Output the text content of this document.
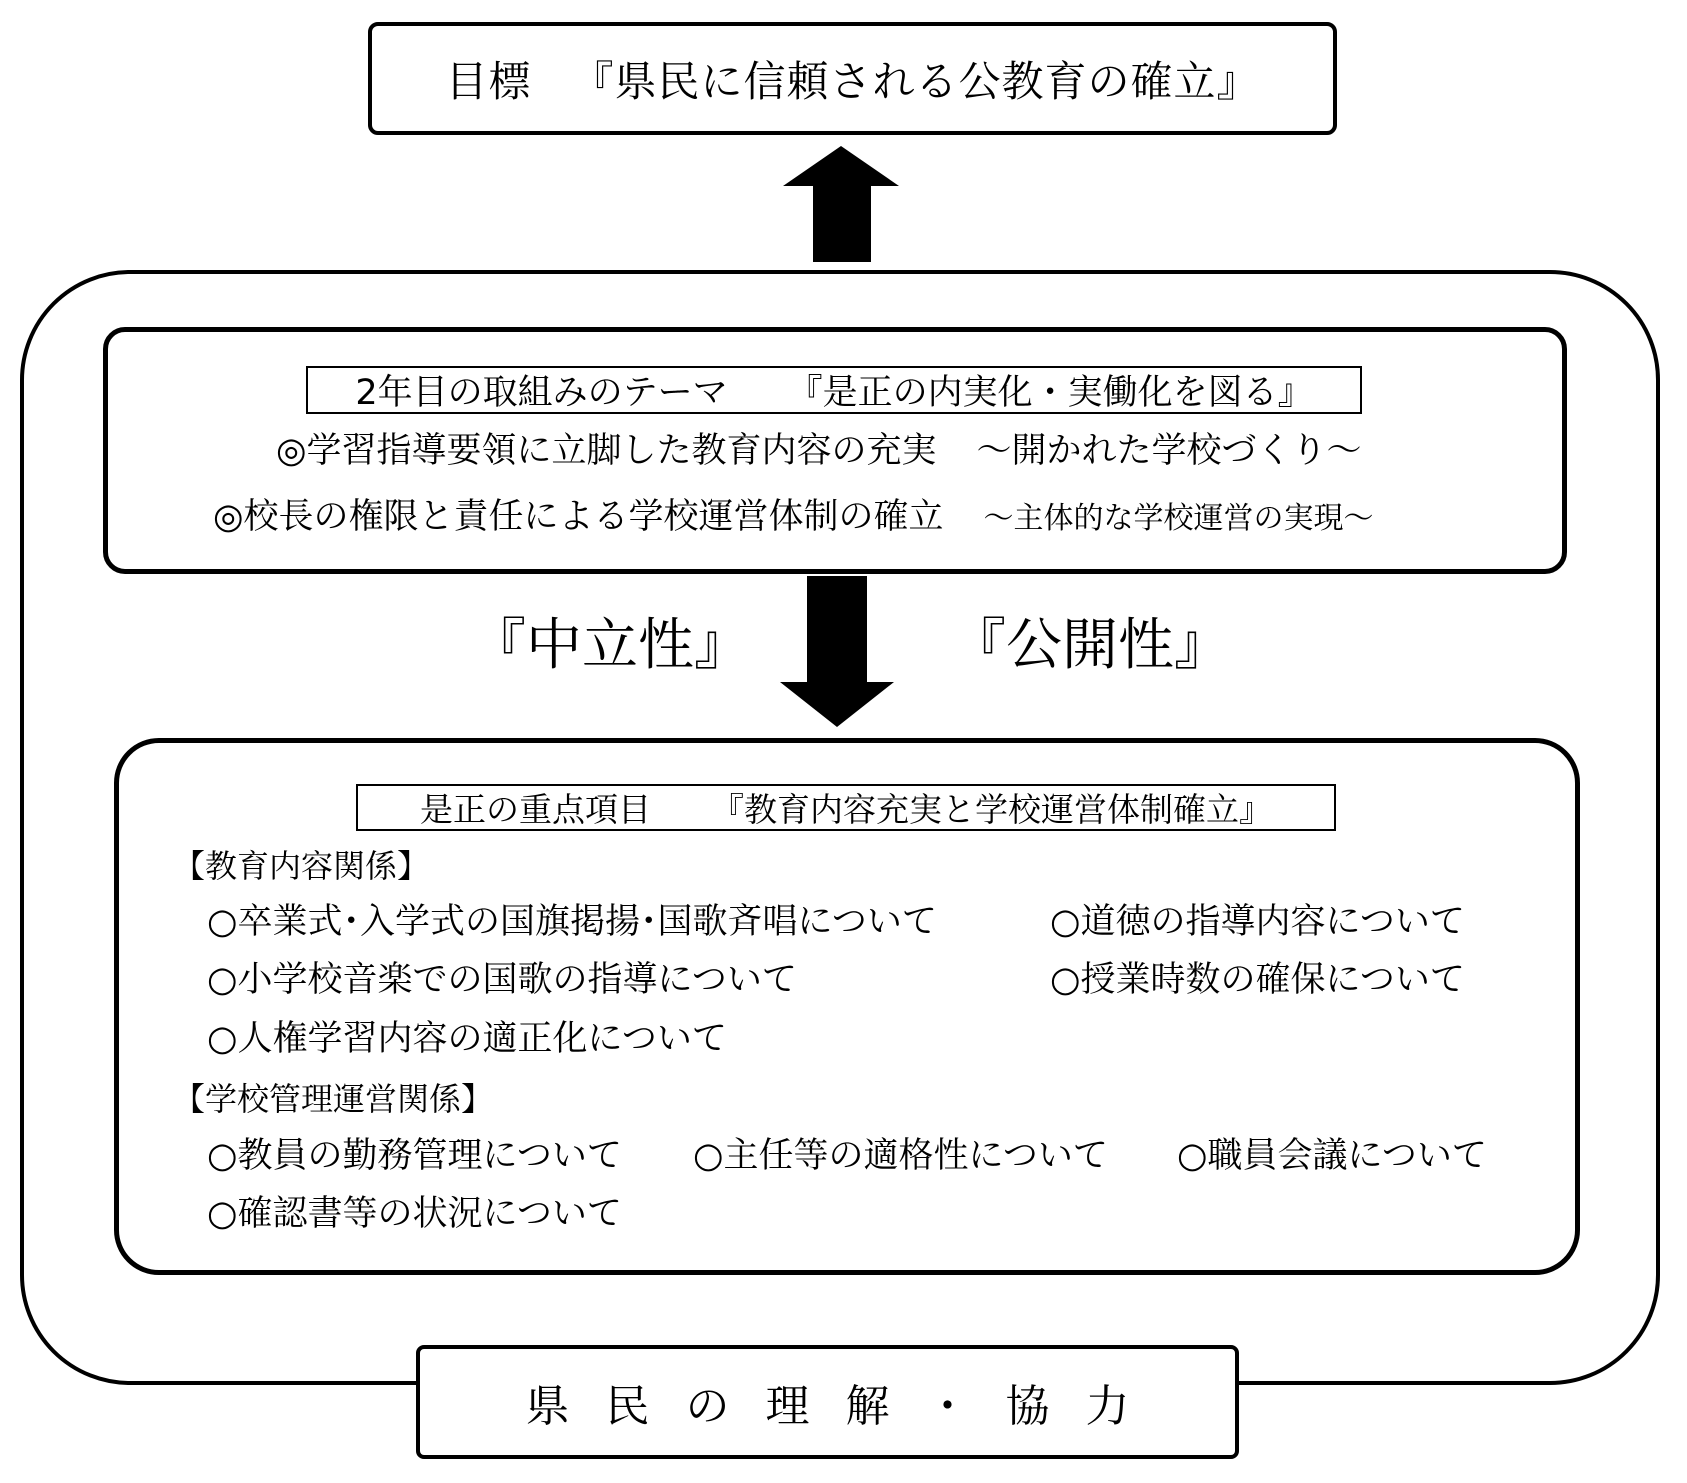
目標 『県民に信頼される公教育の確立』
2年目の取組みのテーマ 『是正の内実化・実働化を図る』
◎学習指導要領に立脚した教育内容の充実 ～開かれた学校づくり～
◎校長の権限と責任による学校運営体制の確立 ～主体的な学校運営の実現～
『中立性』	『公開性』
是正の重点項目 『教育内容充実と学校運営体制確立』
【教育内容関係】
○卒業式･入学式の国旗掲揚･国歌斉唱について	○道徳の指導内容について
○小学校音楽での国歌の指導について	○授業時数の確保について
○人権学習内容の適正化について
【学校管理運営関係】
○教員の勤務管理について ○主任等の適格性について ○職員会議について
○確認書等の状況について
県民の理解・協力
